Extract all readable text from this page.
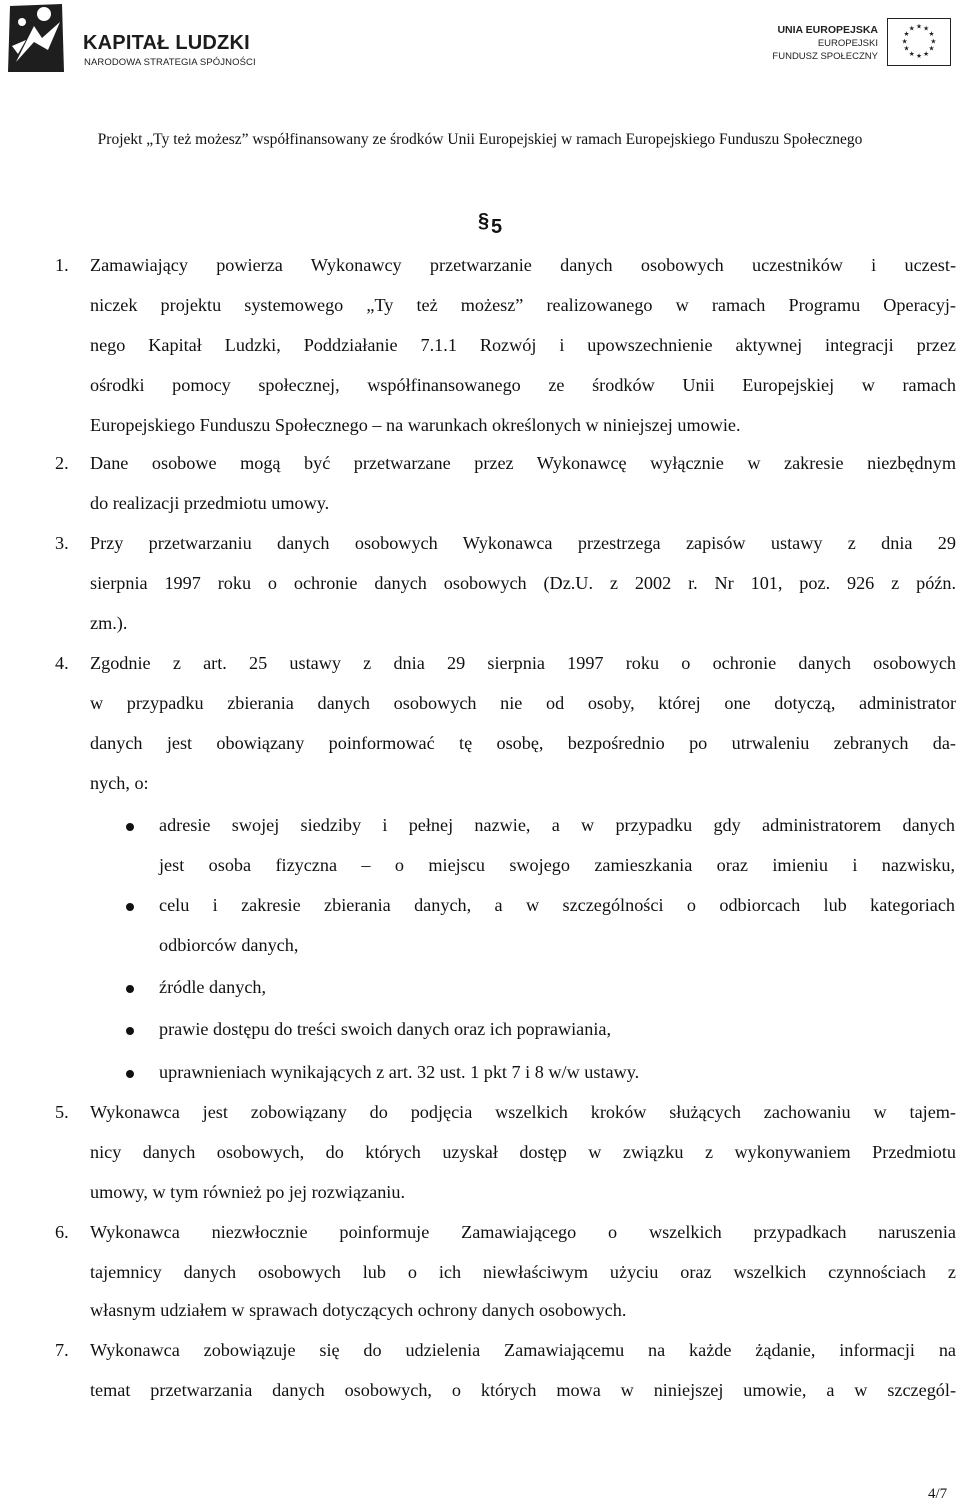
KAPITAŁ LUDZKI
NARODOWA STRATEGIA SPÓJNOŚCI
UNIA EUROPEJSKA
EUROPEJSKI
FUNDUSZ SPOŁECZNY
★ ★
★
★
★
★
★
★
★
★
★
★
Projekt „Ty też możesz” współfinansowany ze środków Unii Europejskiej w ramach Europejskiego Funduszu Społecznego
§ 5
1. Zamawiający powierza Wykonawcy przetwarzanie danych osobowych uczestników i uczest-
niczek projektu systemowego „Ty też możesz” realizowanego w ramach Programu Operacyj-
nego Kapitał Ludzki, Poddziałanie 7.1.1 Rozwój i upowszechnienie aktywnej integracji przez
ośrodki pomocy społecznej, współfinansowanego ze środków Unii Europejskiej w ramach
Europejskiego Funduszu Społecznego – na warunkach określonych w niniejszej umowie.
2. Dane osobowe mogą być przetwarzane przez Wykonawcę wyłącznie w zakresie niezbędnym
do realizacji przedmiotu umowy.
3. Przy przetwarzaniu danych osobowych Wykonawca przestrzega zapisów ustawy z dnia 29
sierpnia 1997 roku o ochronie danych osobowych (Dz.U. z 2002 r. Nr 101, poz. 926 z późn.
zm.).
4. Zgodnie z art. 25 ustawy z dnia 29 sierpnia 1997 roku o ochronie danych osobowych
w przypadku zbierania danych osobowych nie od osoby, której one dotyczą, administrator
danych jest obowiązany poinformować tę osobę, bezpośrednio po utrwaleniu zebranych da-
nych, o:
adresie swojej siedziby i pełnej nazwie, a w przypadku gdy administratorem danych
jest osoba fizyczna – o miejscu swojego zamieszkania oraz imieniu i nazwisku,
celu i zakresie zbierania danych, a w szczególności o odbiorcach lub kategoriach
odbiorców danych,
źródle danych,
prawie dostępu do treści swoich danych oraz ich poprawiania,
uprawnieniach wynikających z art. 32 ust. 1 pkt 7 i 8 w/w ustawy.
5. Wykonawca jest zobowiązany do podjęcia wszelkich kroków służących zachowaniu w tajem-
nicy danych osobowych, do których uzyskał dostęp w związku z wykonywaniem Przedmiotu
umowy, w tym również po jej rozwiązaniu.
6. Wykonawca niezwłocznie poinformuje Zamawiającego o wszelkich przypadkach naruszenia
tajemnicy danych osobowych lub o ich niewłaściwym użyciu oraz wszelkich czynnościach z
własnym udziałem w sprawach dotyczących ochrony danych osobowych.
7. Wykonawca zobowiązuje się do udzielenia Zamawiającemu na każde żądanie, informacji na
temat przetwarzania danych osobowych, o których mowa w niniejszej umowie, a w szczegól-
4/7
